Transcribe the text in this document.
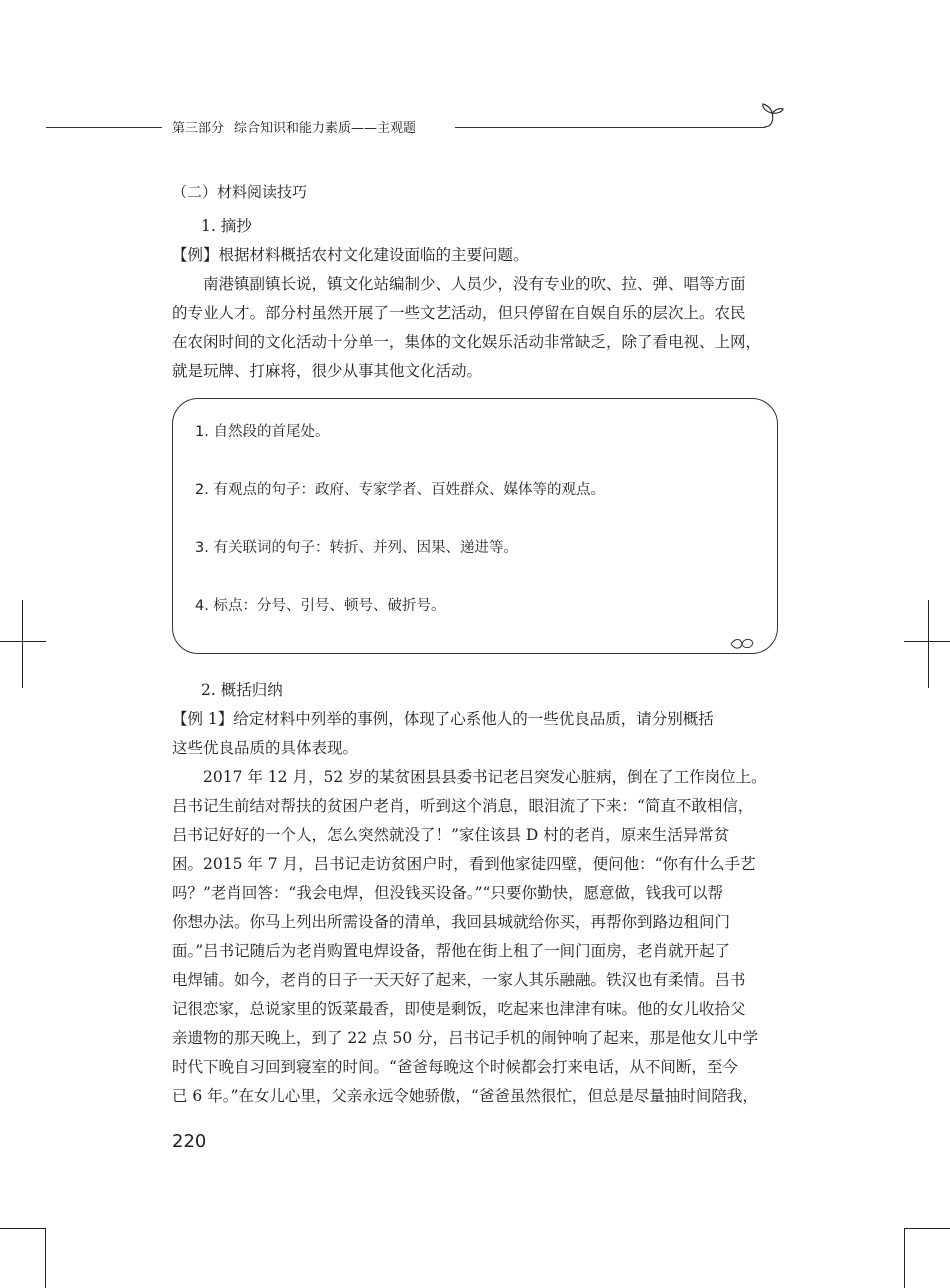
第三部分 综合知识和能力素质——主观题
（二）材料阅读技巧
1. 摘抄
【例】根据材料概括农村文化建设面临的主要问题。
南港镇副镇长说，镇文化站编制少、人员少，没有专业的吹、拉、弹、唱等方面
的专业人才。部分村虽然开展了一些文艺活动，但只停留在自娱自乐的层次上。农民
在农闲时间的文化活动十分单一，集体的文化娱乐活动非常缺乏，除了看电视、上网，
就是玩牌、打麻将，很少从事其他文化活动。
1. 自然段的首尾处。
2. 有观点的句子：政府、专家学者、百姓群众、媒体等的观点。
3. 有关联词的句子：转折、并列、因果、递进等。
4. 标点：分号、引号、顿号、破折号。
2. 概括归纳
【例 1】给定材料中列举的事例，体现了心系他人的一些优良品质，请分别概括
这些优良品质的具体表现。
2017 年 12 月，52 岁的某贫困县县委书记老吕突发心脏病，倒在了工作岗位上。
吕书记生前结对帮扶的贫困户老肖，听到这个消息，眼泪流了下来：“简直不敢相信，
吕书记好好的一个人，怎么突然就没了！”家住该县 D 村的老肖，原来生活异常贫
困。2015 年 7 月，吕书记走访贫困户时，看到他家徒四壁，便问他：“你有什么手艺
吗？”老肖回答：“我会电焊，但没钱买设备。”“只要你勤快，愿意做，钱我可以帮
你想办法。你马上列出所需设备的清单，我回县城就给你买，再帮你到路边租间门
面。”吕书记随后为老肖购置电焊设备，帮他在街上租了一间门面房，老肖就开起了
电焊铺。如今，老肖的日子一天天好了起来，一家人其乐融融。铁汉也有柔情。吕书
记很恋家，总说家里的饭菜最香，即使是剩饭，吃起来也津津有味。他的女儿收拾父
亲遗物的那天晚上，到了 22 点 50 分，吕书记手机的闹钟响了起来，那是他女儿中学
时代下晚自习回到寝室的时间。“爸爸每晚这个时候都会打来电话，从不间断，至今
已 6 年。”在女儿心里，父亲永远令她骄傲，“爸爸虽然很忙，但总是尽量抽时间陪我，
220
